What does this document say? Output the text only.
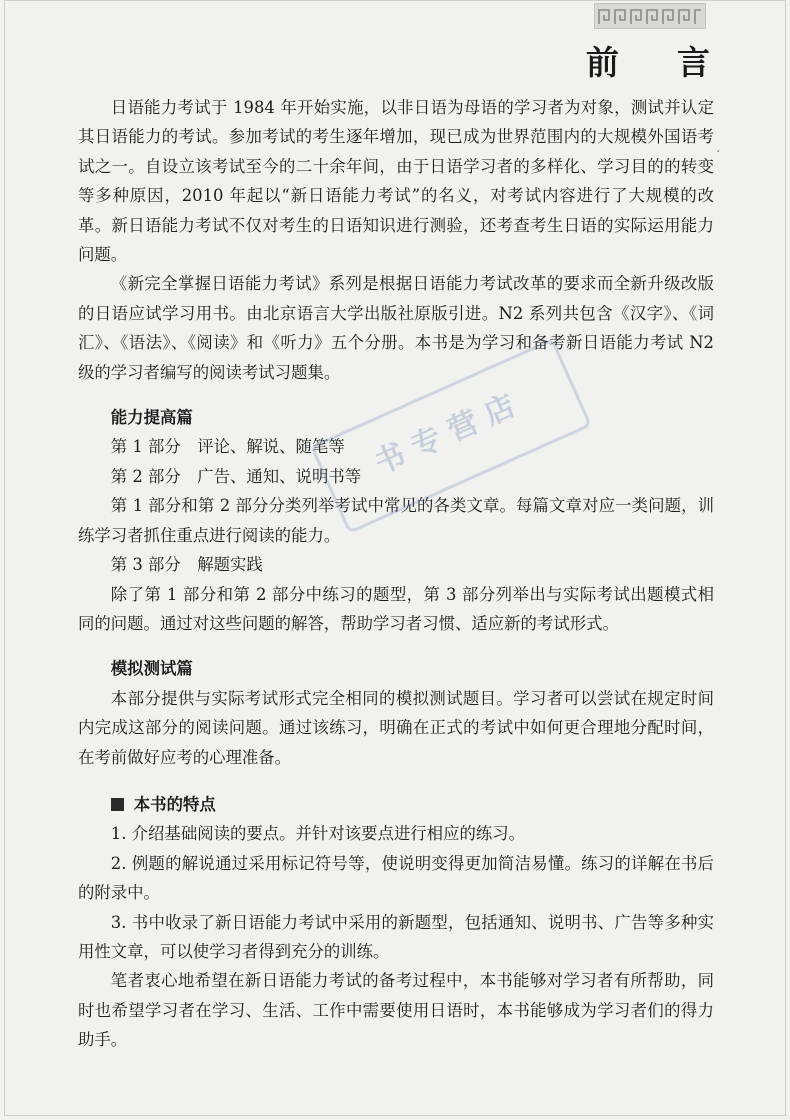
前 言
.

日语能力考试于 1984 年开始实施，以非日语为母语的学习者为对象，测试并认定其日语能力的考试。参加考试的考生逐年增加，现已成为世界范围内的大规模外国语考试之一。自设立该考试至今的二十余年间，由于日语学习者的多样化、学习目的的转变等多种原因，2010 年起以“新日语能力考试”的名义，对考试内容进行了大规模的改革。新日语能力考试不仅对考生的日语知识进行测验，还考查考生日语的实际运用能力问题。

《新完全掌握日语能力考试》系列是根据日语能力考试改革的要求而全新升级改版的日语应试学习用书。由北京语言大学出版社原版引进。N2 系列共包含《汉字》、《词汇》、《语法》、《阅读》和《听力》五个分册。本书是为学习和备考新日语能力考试 N2 级的学习者编写的阅读考试习题集。

能力提高篇

第 1 部分　评论、解说、随笔等

第 2 部分　广告、通知、说明书等

第 1 部分和第 2 部分分类列举考试中常见的各类文章。每篇文章对应一类问题，训练学习者抓住重点进行阅读的能力。

第 3 部分　解题实践

除了第 1 部分和第 2 部分中练习的题型，第 3 部分列举出与实际考试出题模式相同的问题。通过对这些问题的解答，帮助学习者习惯、适应新的考试形式。

模拟测试篇

本部分提供与实际考试形式完全相同的模拟测试题目。学习者可以尝试在规定时间内完成这部分的阅读问题。通过该练习，明确在正式的考试中如何更合理地分配时间，在考前做好应考的心理准备。

本书的特点

1. 介绍基础阅读的要点。并针对该要点进行相应的练习。

2. 例题的解说通过采用标记符号等，使说明变得更加简洁易懂。练习的详解在书后的附录中。

3. 书中收录了新日语能力考试中采用的新题型，包括通知、说明书、广告等多种实用性文章，可以使学习者得到充分的训练。

笔者衷心地希望在新日语能力考试的备考过程中，本书能够对学习者有所帮助，同时也希望学习者在学习、生活、工作中需要使用日语时，本书能够成为学习者们的得力助手。

书专营店
